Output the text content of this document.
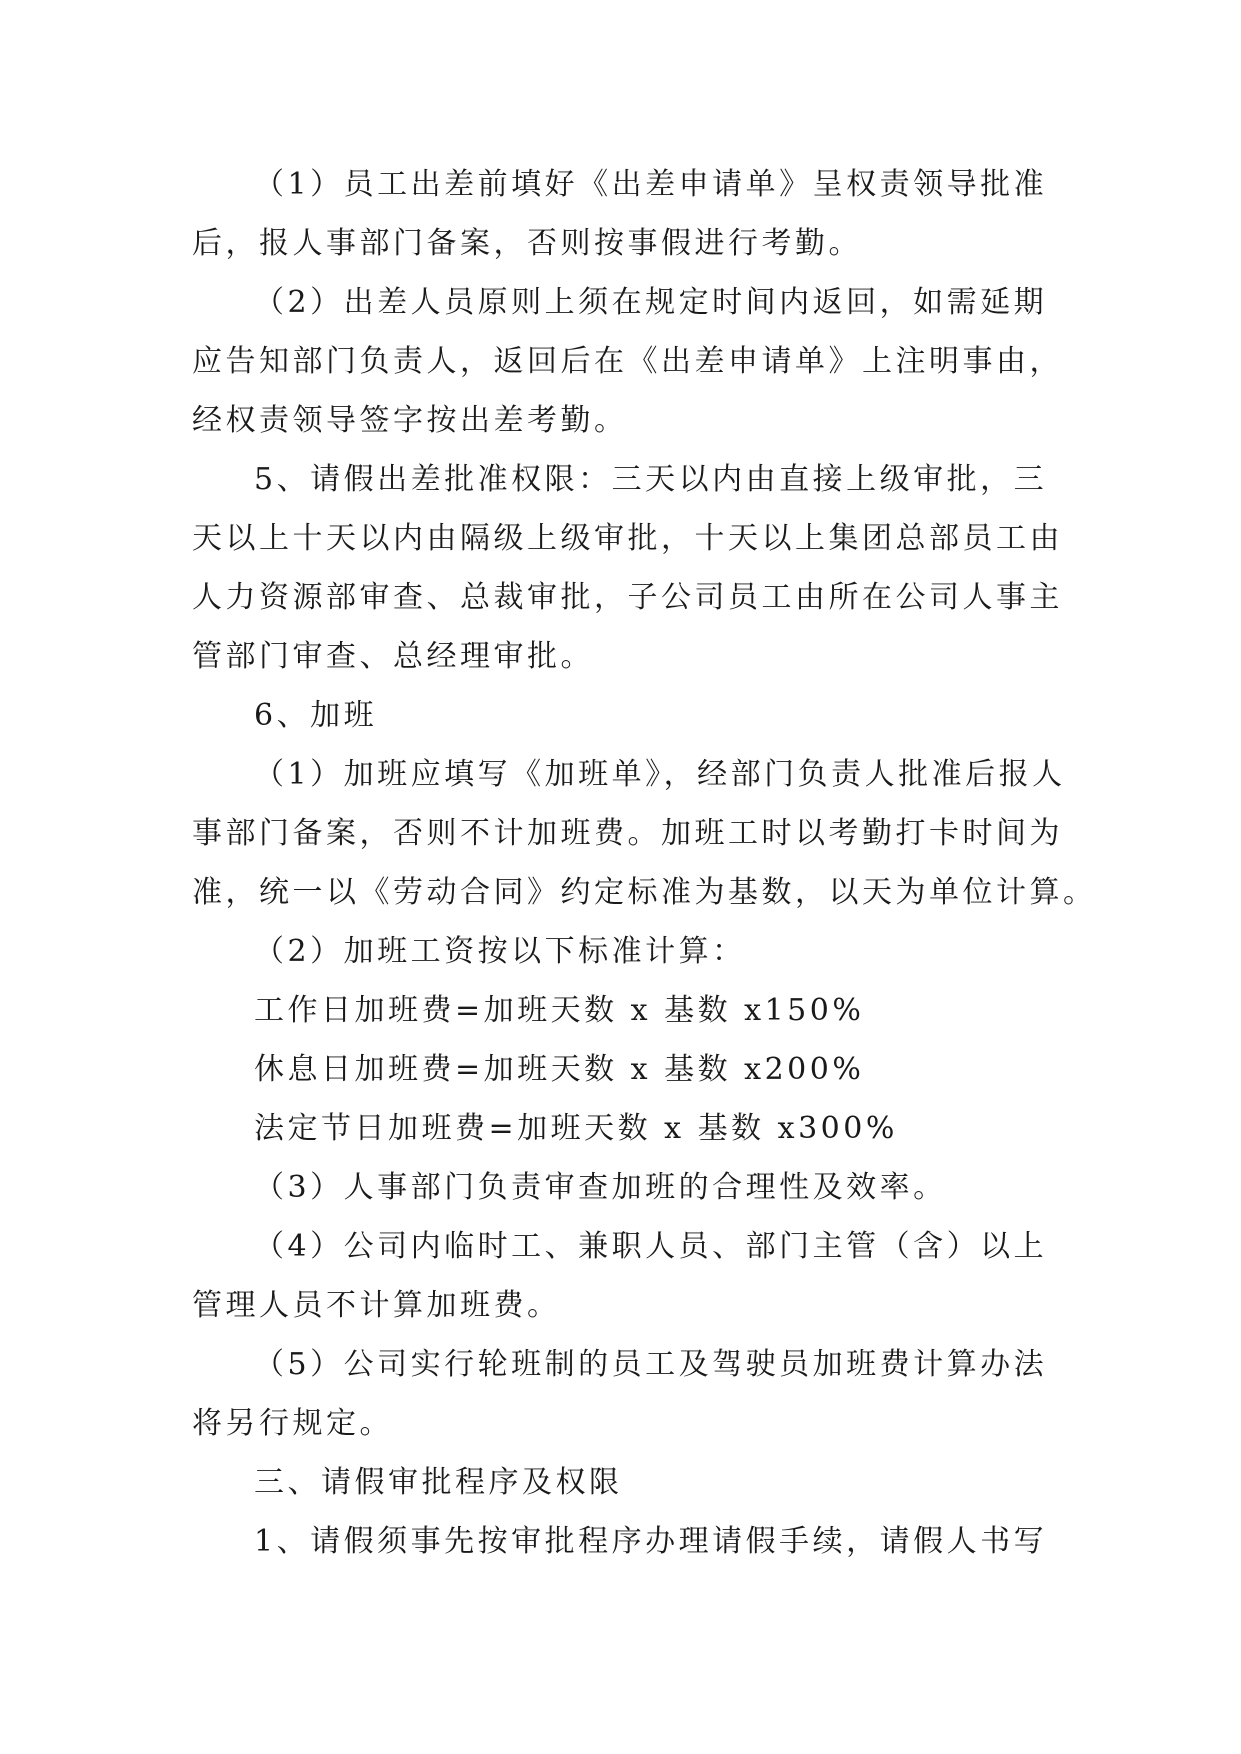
（1）员工出差前填好《出差申请单》呈权责领导批准
后，报人事部门备案，否则按事假进行考勤。
（2）出差人员原则上须在规定时间内返回，如需延期
应告知部门负责人，返回后在《出差申请单》上注明事由，
经权责领导签字按出差考勤。
5、请假出差批准权限：三天以内由直接上级审批，三
天以上十天以内由隔级上级审批，十天以上集团总部员工由
人力资源部审查、总裁审批，子公司员工由所在公司人事主
管部门审查、总经理审批。
6、加班
（1）加班应填写《加班单》，经部门负责人批准后报人
事部门备案，否则不计加班费。加班工时以考勤打卡时间为
准，统一以《劳动合同》约定标准为基数，以天为单位计算。
（2）加班工资按以下标准计算：
工作日加班费=加班天数 x 基数 x150%
休息日加班费=加班天数 x 基数 x200%
法定节日加班费=加班天数 x 基数 x300%
（3）人事部门负责审查加班的合理性及效率。
（4）公司内临时工、兼职人员、部门主管（含）以上
管理人员不计算加班费。
（5）公司实行轮班制的员工及驾驶员加班费计算办法
将另行规定。
三、请假审批程序及权限
1、请假须事先按审批程序办理请假手续，请假人书写
